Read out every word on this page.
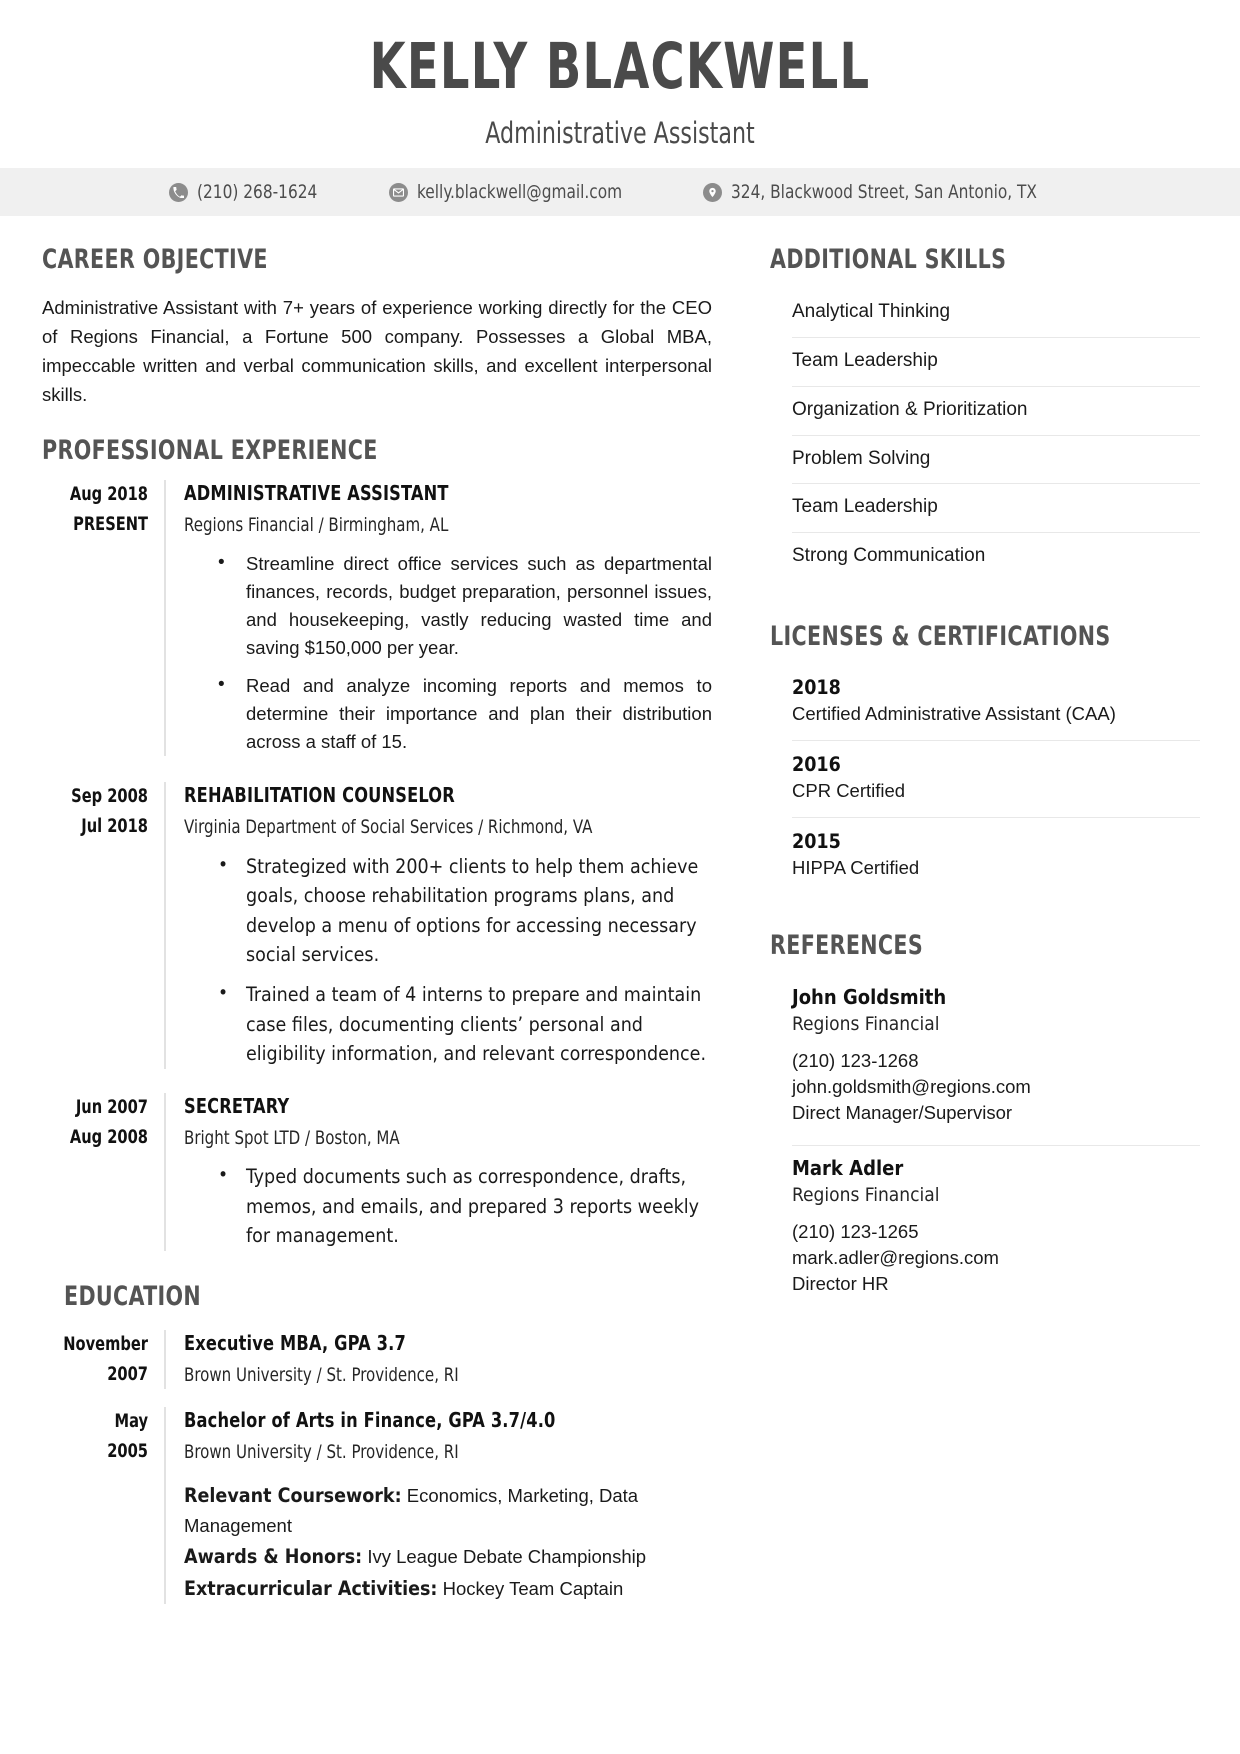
KELLY BLACKWELL
Administrative Assistant
(210) 268-1624	kelly.blackwell@gmail.com	324, Blackwood Street, San Antonio, TX
CAREER OBJECTIVE

Administrative Assistant with 7+ years of experience working directly for the CEO of Regions Financial, a Fortune 500 company. Possesses a Global MBA, impeccable written and verbal communication skills, and excellent interpersonal skills.

PROFESSIONAL EXPERIENCE
Aug 2018
PRESENT
ADMINISTRATIVE ASSISTANT
Regions Financial / Birmingham, AL
• Streamline direct office services such as departmental finances, records, budget preparation, personnel issues, and housekeeping, vastly reducing wasted time and saving $150,000 per year.
• Read and analyze incoming reports and memos to determine their importance and plan their distribution across a staff of 15.
Sep 2008
Jul 2018
REHABILITATION COUNSELOR
Virginia Department of Social Services / Richmond, VA
• Strategized with 200+ clients to help them achieve goals, choose rehabilitation programs plans, and develop a menu of options for accessing necessary social services.
• Trained a team of 4 interns to prepare and maintain case files, documenting clients’ personal and eligibility information, and relevant correspondence.
Jun 2007
Aug 2008
SECRETARY
Bright Spot LTD / Boston, MA
• Typed documents such as correspondence, drafts, memos, and emails, and prepared 3 reports weekly for management.
EDUCATION
November
2007
Executive MBA, GPA 3.7
Brown University / St. Providence, RI
May
2005
Bachelor of Arts in Finance, GPA 3.7/4.0
Brown University / St. Providence, RI
Relevant Coursework: Economics, Marketing, Data Management
Awards & Honors: Ivy League Debate Championship
Extracurricular Activities: Hockey Team Captain
ADDITIONAL SKILLS
Analytical Thinking
Team Leadership
Organization & Prioritization
Problem Solving
Team Leadership
Strong Communication
LICENSES & CERTIFICATIONS
2018
Certified Administrative Assistant (CAA)
2016
CPR Certified
2015
HIPPA Certified
REFERENCES
John Goldsmith
Regions Financial
(210) 123-1268
john.goldsmith@regions.com
Direct Manager/Supervisor
Mark Adler
Regions Financial
(210) 123-1265
mark.adler@regions.com
Director HR
